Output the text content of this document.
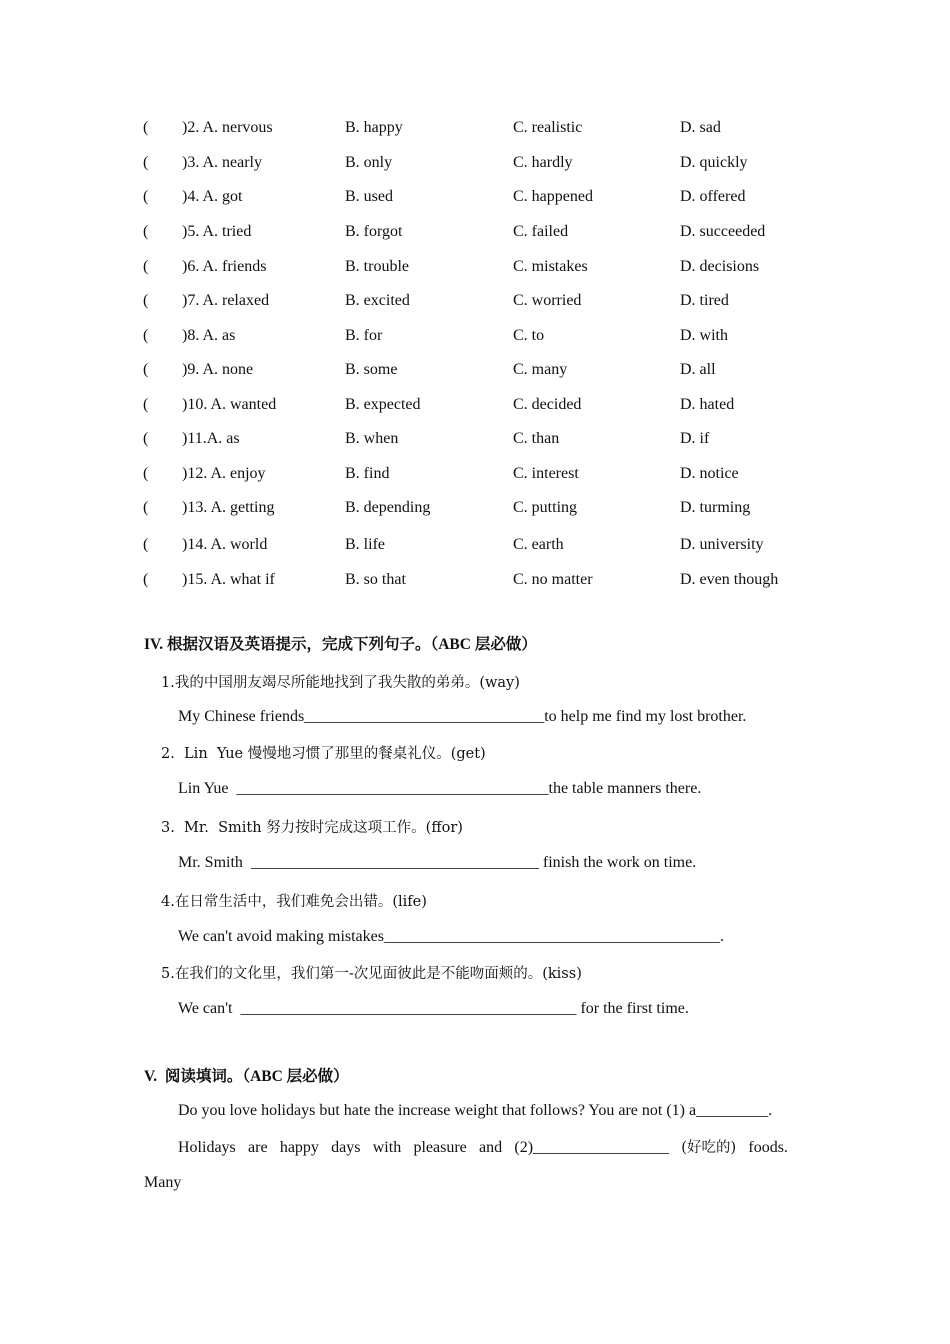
( )2. A. nervous	B. happy	C. realistic	D. sad
( )3. A. nearly	B. only	C. hardly	D. quickly
( )4. A. got	B. used	C. happened	D. offered
( )5. A. tried	B. forgot	C. failed	D. succeeded
( )6. A. friends	B. trouble	C. mistakes	D. decisions
( )7. A. relaxed	B. excited	C. worried	D. tired
( )8. A. as	B. for	C. to	D. with
( )9. A. none	B. some	C. many	D. all
( )10. A. wanted	B. expected	C. decided	D. hated
( )11.A. as	B. when	C. than	D. if
( )12. A. enjoy	B. find	C. interest	D. notice
( )13. A. getting	B. depending	C. putting	D. turming
( )14. A. world	B. life	C. earth	D. university
( )15. A. what if	B. so that	C. no matter	D. even though
IV. 根据汉语及英语提示，完成下列句子。（ABC 层必做）
1.我的中国朋友竭尽所能地找到了我失散的弟弟。(way)
My Chinese friends______________________________to help me find my lost brother.
2.  Lin  Yue 慢慢地习惯了那里的餐桌礼仪。(get)
Lin Yue  _______________________________________the table manners there.
3.  Mr.  Smith 努力按时完成这项工作。(ffor)
Mr. Smith  ____________________________________ finish the work on time.
4.在日常生活中，我们难免会出错。(life)
We can't avoid making mistakes__________________________________________.
5.在我们的文化里，我们第一-次见面彼此是不能吻面颊的。(kiss)
We can't  __________________________________________ for the first time.
V.  阅读填词。（ABC 层必做）
Do you love holidays but hate the increase weight that follows? You are not (1) a_________.
Holidays are happy days with pleasure and (2)_________________ (好吃的) foods.
Many
